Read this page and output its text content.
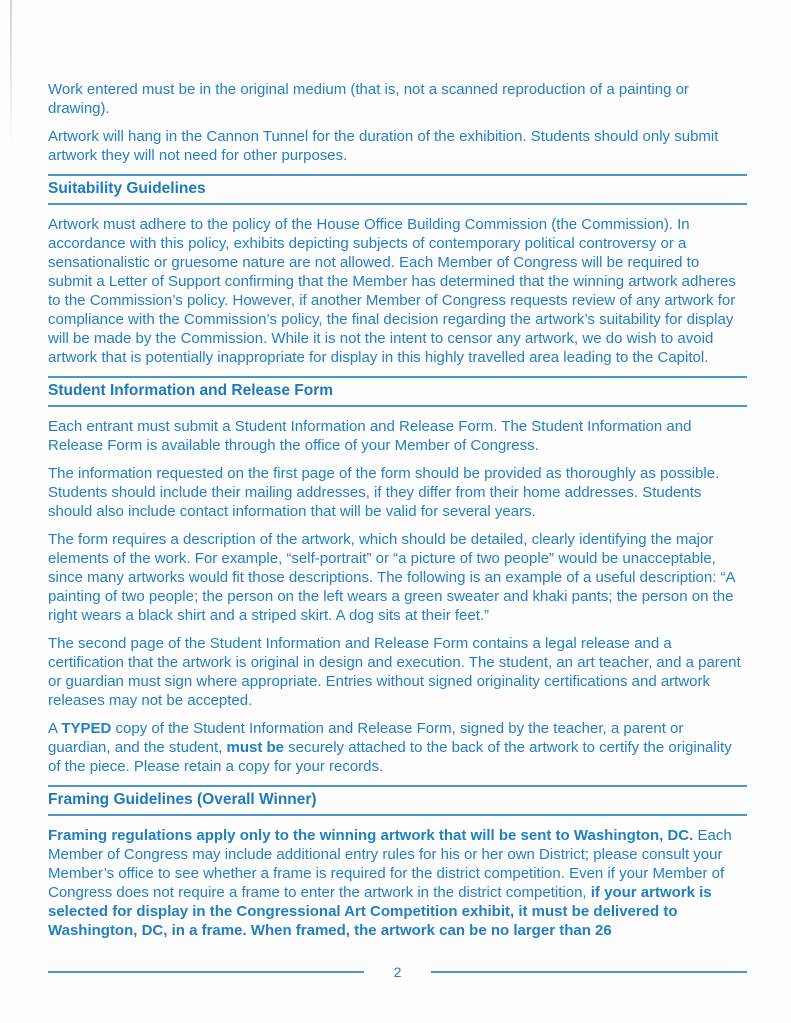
Work entered must be in the original medium (that is, not a scanned reproduction of a painting or drawing).

Artwork will hang in the Cannon Tunnel for the duration of the exhibition. Students should only submit artwork they will not need for other purposes.

Suitability Guidelines

Artwork must adhere to the policy of the House Office Building Commission (the Commission). In accordance with this policy, exhibits depicting subjects of contemporary political controversy or a sensationalistic or gruesome nature are not allowed. Each Member of Congress will be required to submit a Letter of Support confirming that the Member has determined that the winning artwork adheres to the Commission’s policy. However, if another Member of Congress requests review of any artwork for compliance with the Commission’s policy, the final decision regarding the artwork’s suitability for display will be made by the Commission. While it is not the intent to censor any artwork, we do wish to avoid artwork that is potentially inappropriate for display in this highly travelled area leading to the Capitol.

Student Information and Release Form

Each entrant must submit a Student Information and Release Form. The Student Information and Release Form is available through the office of your Member of Congress.

The information requested on the first page of the form should be provided as thoroughly as possible. Students should include their mailing addresses, if they differ from their home addresses. Students should also include contact information that will be valid for several years.

The form requires a description of the artwork, which should be detailed, clearly identifying the major elements of the work. For example, “self-portrait” or “a picture of two people” would be unacceptable, since many artworks would fit those descriptions. The following is an example of a useful description: “A painting of two people; the person on the left wears a green sweater and khaki pants; the person on the right wears a black shirt and a striped skirt. A dog sits at their feet.”

The second page of the Student Information and Release Form contains a legal release and a certification that the artwork is original in design and execution. The student, an art teacher, and a parent or guardian must sign where appropriate. Entries without signed originality certifications and artwork releases may not be accepted.

A TYPED copy of the Student Information and Release Form, signed by the teacher, a parent or guardian, and the student, must be securely attached to the back of the artwork to certify the originality of the piece. Please retain a copy for your records.

Framing Guidelines (Overall Winner)

Framing regulations apply only to the winning artwork that will be sent to Washington, DC. Each Member of Congress may include additional entry rules for his or her own District; please consult your Member’s office to see whether a frame is required for the district competition. Even if your Member of Congress does not require a frame to enter the artwork in the district competition, if your artwork is selected for display in the Congressional Art Competition exhibit, it must be delivered to Washington, DC, in a frame. When framed, the artwork can be no larger than 26

2
